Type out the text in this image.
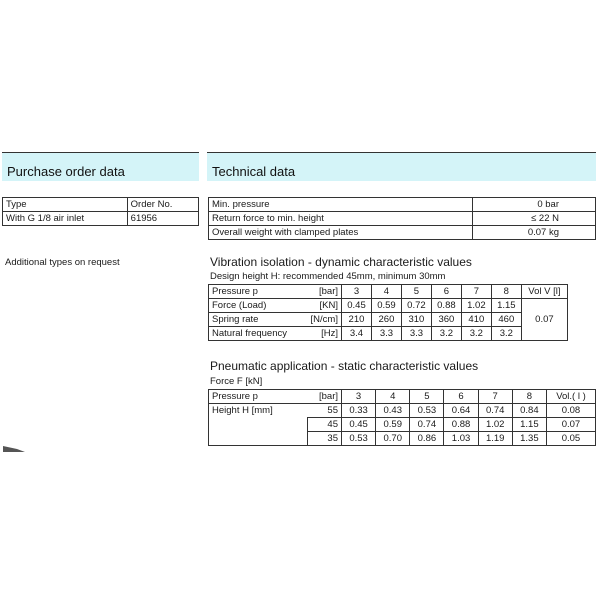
Purchase order data	Technical data
Type	Order No.
With G 1/8 air inlet	61956
Additional types on request
Min. pressure	0 bar
Return force to min. height	≤ 22 N
Overall weight with clamped plates	0.07 kg
Vibration isolation - dynamic characteristic values
Design height H: recommended 45mm, minimum 30mm
Pressure p	[bar]	3	4	5	6	7	8	Vol V [l]
Force (Load)	[KN]	0.45	0.59	0.72	0.88	1.02	1.15	0.07
Spring rate	[N/cm]	210	260	310	360	410	460	
Natural frequency	[Hz]	3.4	3.3	3.3	3.2	3.2	3.2	
Pneumatic application - static characteristic values
Force F [kN]
Pressure p	[bar]	3	4	5	6	7	8	Vol.( l )
Height H [mm]	55	0.33	0.43	0.53	0.64	0.74	0.84	0.08
	45	0.45	0.59	0.74	0.88	1.02	1.15	0.07
	35	0.53	0.70	0.86	1.03	1.19	1.35	0.05
